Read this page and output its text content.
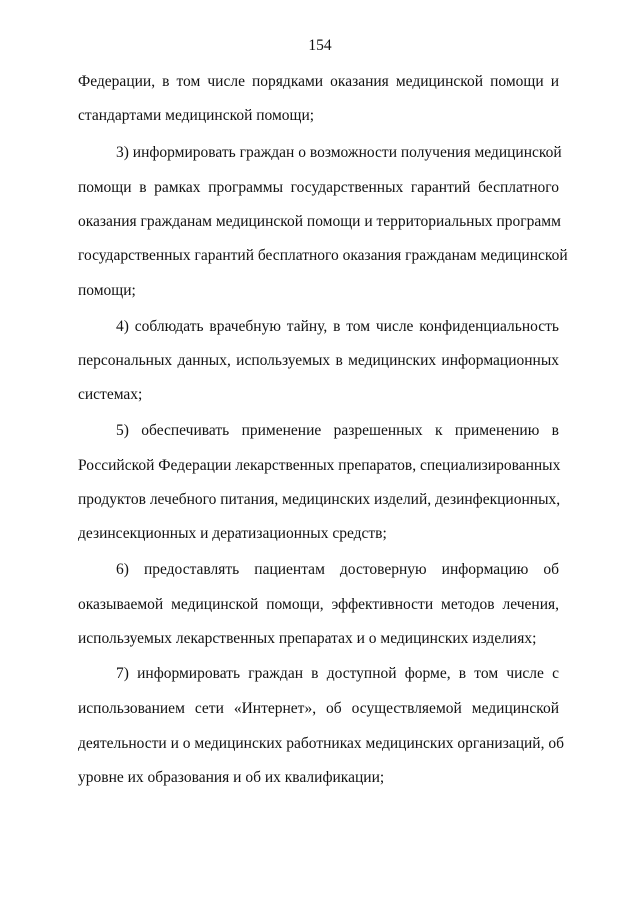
154
Федерации, в том числе порядками оказания медицинской помощи и
стандартами медицинской помощи;
3) информировать граждан о возможности получения медицинской
помощи в рамках программы государственных гарантий бесплатного
оказания гражданам медицинской помощи и территориальных программ
государственных гарантий бесплатного оказания гражданам медицинской
помощи;
4) соблюдать врачебную тайну, в том числе конфиденциальность
персональных данных, используемых в медицинских информационных
системах;
5) обеспечивать применение разрешенных к применению в
Российской Федерации лекарственных препаратов, специализированных
продуктов лечебного питания, медицинских изделий, дезинфекционных,
дезинсекционных и дератизационных средств;
6) предоставлять пациентам достоверную информацию об
оказываемой медицинской помощи, эффективности методов лечения,
используемых лекарственных препаратах и о медицинских изделиях;
7) информировать граждан в доступной форме, в том числе с
использованием сети «Интернет», об осуществляемой медицинской
деятельности и о медицинских работниках медицинских организаций, об
уровне их образования и об их квалификации;
